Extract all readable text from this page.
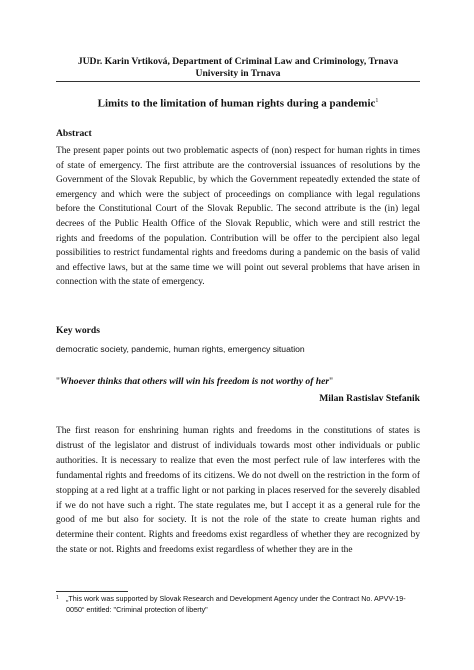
JUDr. Karin Vrtiková, Department of Criminal Law and Criminology, Trnava University in Trnava
Limits to the limitation of human rights during a pandemic$^1$
Abstract

The present paper points out two problematic aspects of (non) respect for human rights in times of state of emergency. The first attribute are the controversial issuances of resolutions by the Government of the Slovak Republic, by which the Government repeatedly extended the state of emergency and which were the subject of proceedings on compliance with legal regulations before the Constitutional Court of the Slovak Republic. The second attribute is the (in) legal decrees of the Public Health Office of the Slovak Republic, which were and still restrict the rights and freedoms of the population. Contribution will be offer to the percipient also legal possibilities to restrict fundamental rights and freedoms during a pandemic on the basis of valid and effective laws, but at the same time we will point out several problems that have arisen in connection with the state of emergency.

Key words
democratic society, pandemic, human rights, emergency situation
"Whoever thinks that others will win his freedom is not worthy of her"
Milan Rastislav Stefanik

The first reason for enshrining human rights and freedoms in the constitutions of states is distrust of the legislator and distrust of individuals towards most other individuals or public authorities. It is necessary to realize that even the most perfect rule of law interferes with the fundamental rights and freedoms of its citizens. We do not dwell on the restriction in the form of stopping at a red light at a traffic light or not parking in places reserved for the severely disabled if we do not have such a right. The state regulates me, but I accept it as a general rule for the good of me but also for society. It is not the role of the state to create human rights and determine their content. Rights and freedoms exist regardless of whether they are recognized by the state or not. Rights and freedoms exist regardless of whether they are in the

1 „This work was supported by Slovak Research and Development Agency under the Contract No. APVV-19-0050“ entitled: "Criminal protection of liberty"
